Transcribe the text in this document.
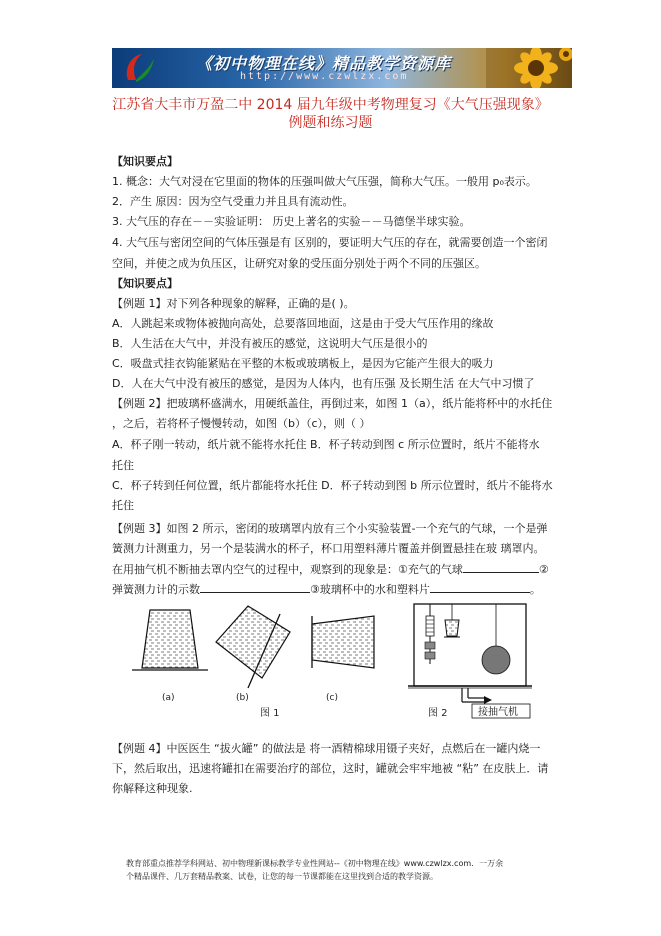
《初中物理在线》精品教学资源库
http://www.czwlzx.com
江苏省大丰市万盈二中 2014 届九年级中考物理复习《大气压强现象》
例题和练习题
【知识要点】
1. 概念：大气对浸在它里面的物体的压强叫做大气压强，简称大气压。一般用 p₀表示。
2．产生 原因：因为空气受重力并且具有流动性。
3. 大气压的存在－－实验证明： 历史上著名的实验－－马德堡半球实验。
4. 大气压与密闭空间的气体压强是有 区别的，要证明大气压的存在，就需要创造一个密闭
空间，并使之成为负压区，让研究对象的受压面分别处于两个不同的压强区。
【知识要点】
【例题 1】对下列各种现象的解释，正确的是( )。
A．人跳起来或物体被抛向高处，总要落回地面，这是由于受大气压作用的缘故
B．人生活在大气中，并没有被压的感觉，这说明大气压是很小的
C．吸盘式挂衣钩能紧贴在平整的木板或玻璃板上，是因为它能产生很大的吸力
D．人在大气中没有被压的感觉，是因为人体内，也有压强 及长期生活 在大气中习惯了
【例题 2】把玻璃杯盛满水，用硬纸盖住，再倒过来，如图 1（a），纸片能将杯中的水托住
，之后，若将杯子慢慢转动，如图（b）（c），则（ ）
A．杯子刚一转动，纸片就不能将水托住 B．杯子转动到图 c 所示位置时，纸片不能将水
托住
C．杯子转到任何位置，纸片都能将水托住 D．杯子转动到图 b 所示位置时，纸片不能将水
托住
【例题 3】如图 2 所示，密闭的玻璃罩内放有三个小实验装置-一个充气的气球，一个是弹
簧测力计测重力，另一个是装满水的杯子，杯口用塑料薄片覆盖并倒置悬挂在玻 璃罩内。
在用抽气机不断抽去罩内空气的过程中，观察到的现象是：①充气的气球	②
弹簧测力计的示数	③玻璃杯中的水和塑料片	。
(a)	(b)	(c)
图 1	接抽气机
图 2
【例题 4】中医医生 “拔火罐” 的做法是 将一酒精棉球用镊子夹好，点燃后在一罐内烧一
下，然后取出，迅速将罐扣在需要治疗的部位，这时，罐就会牢牢地被 “粘” 在皮肤上．请
你解释这种现象.
教育部重点推荐学科网站、初中物理新课标教学专业性网站--《初中物理在线》www.czwlzx.com．一万余
个精品课件、几万套精品教案、试卷，让您的每一节课都能在这里找到合适的教学资源。
